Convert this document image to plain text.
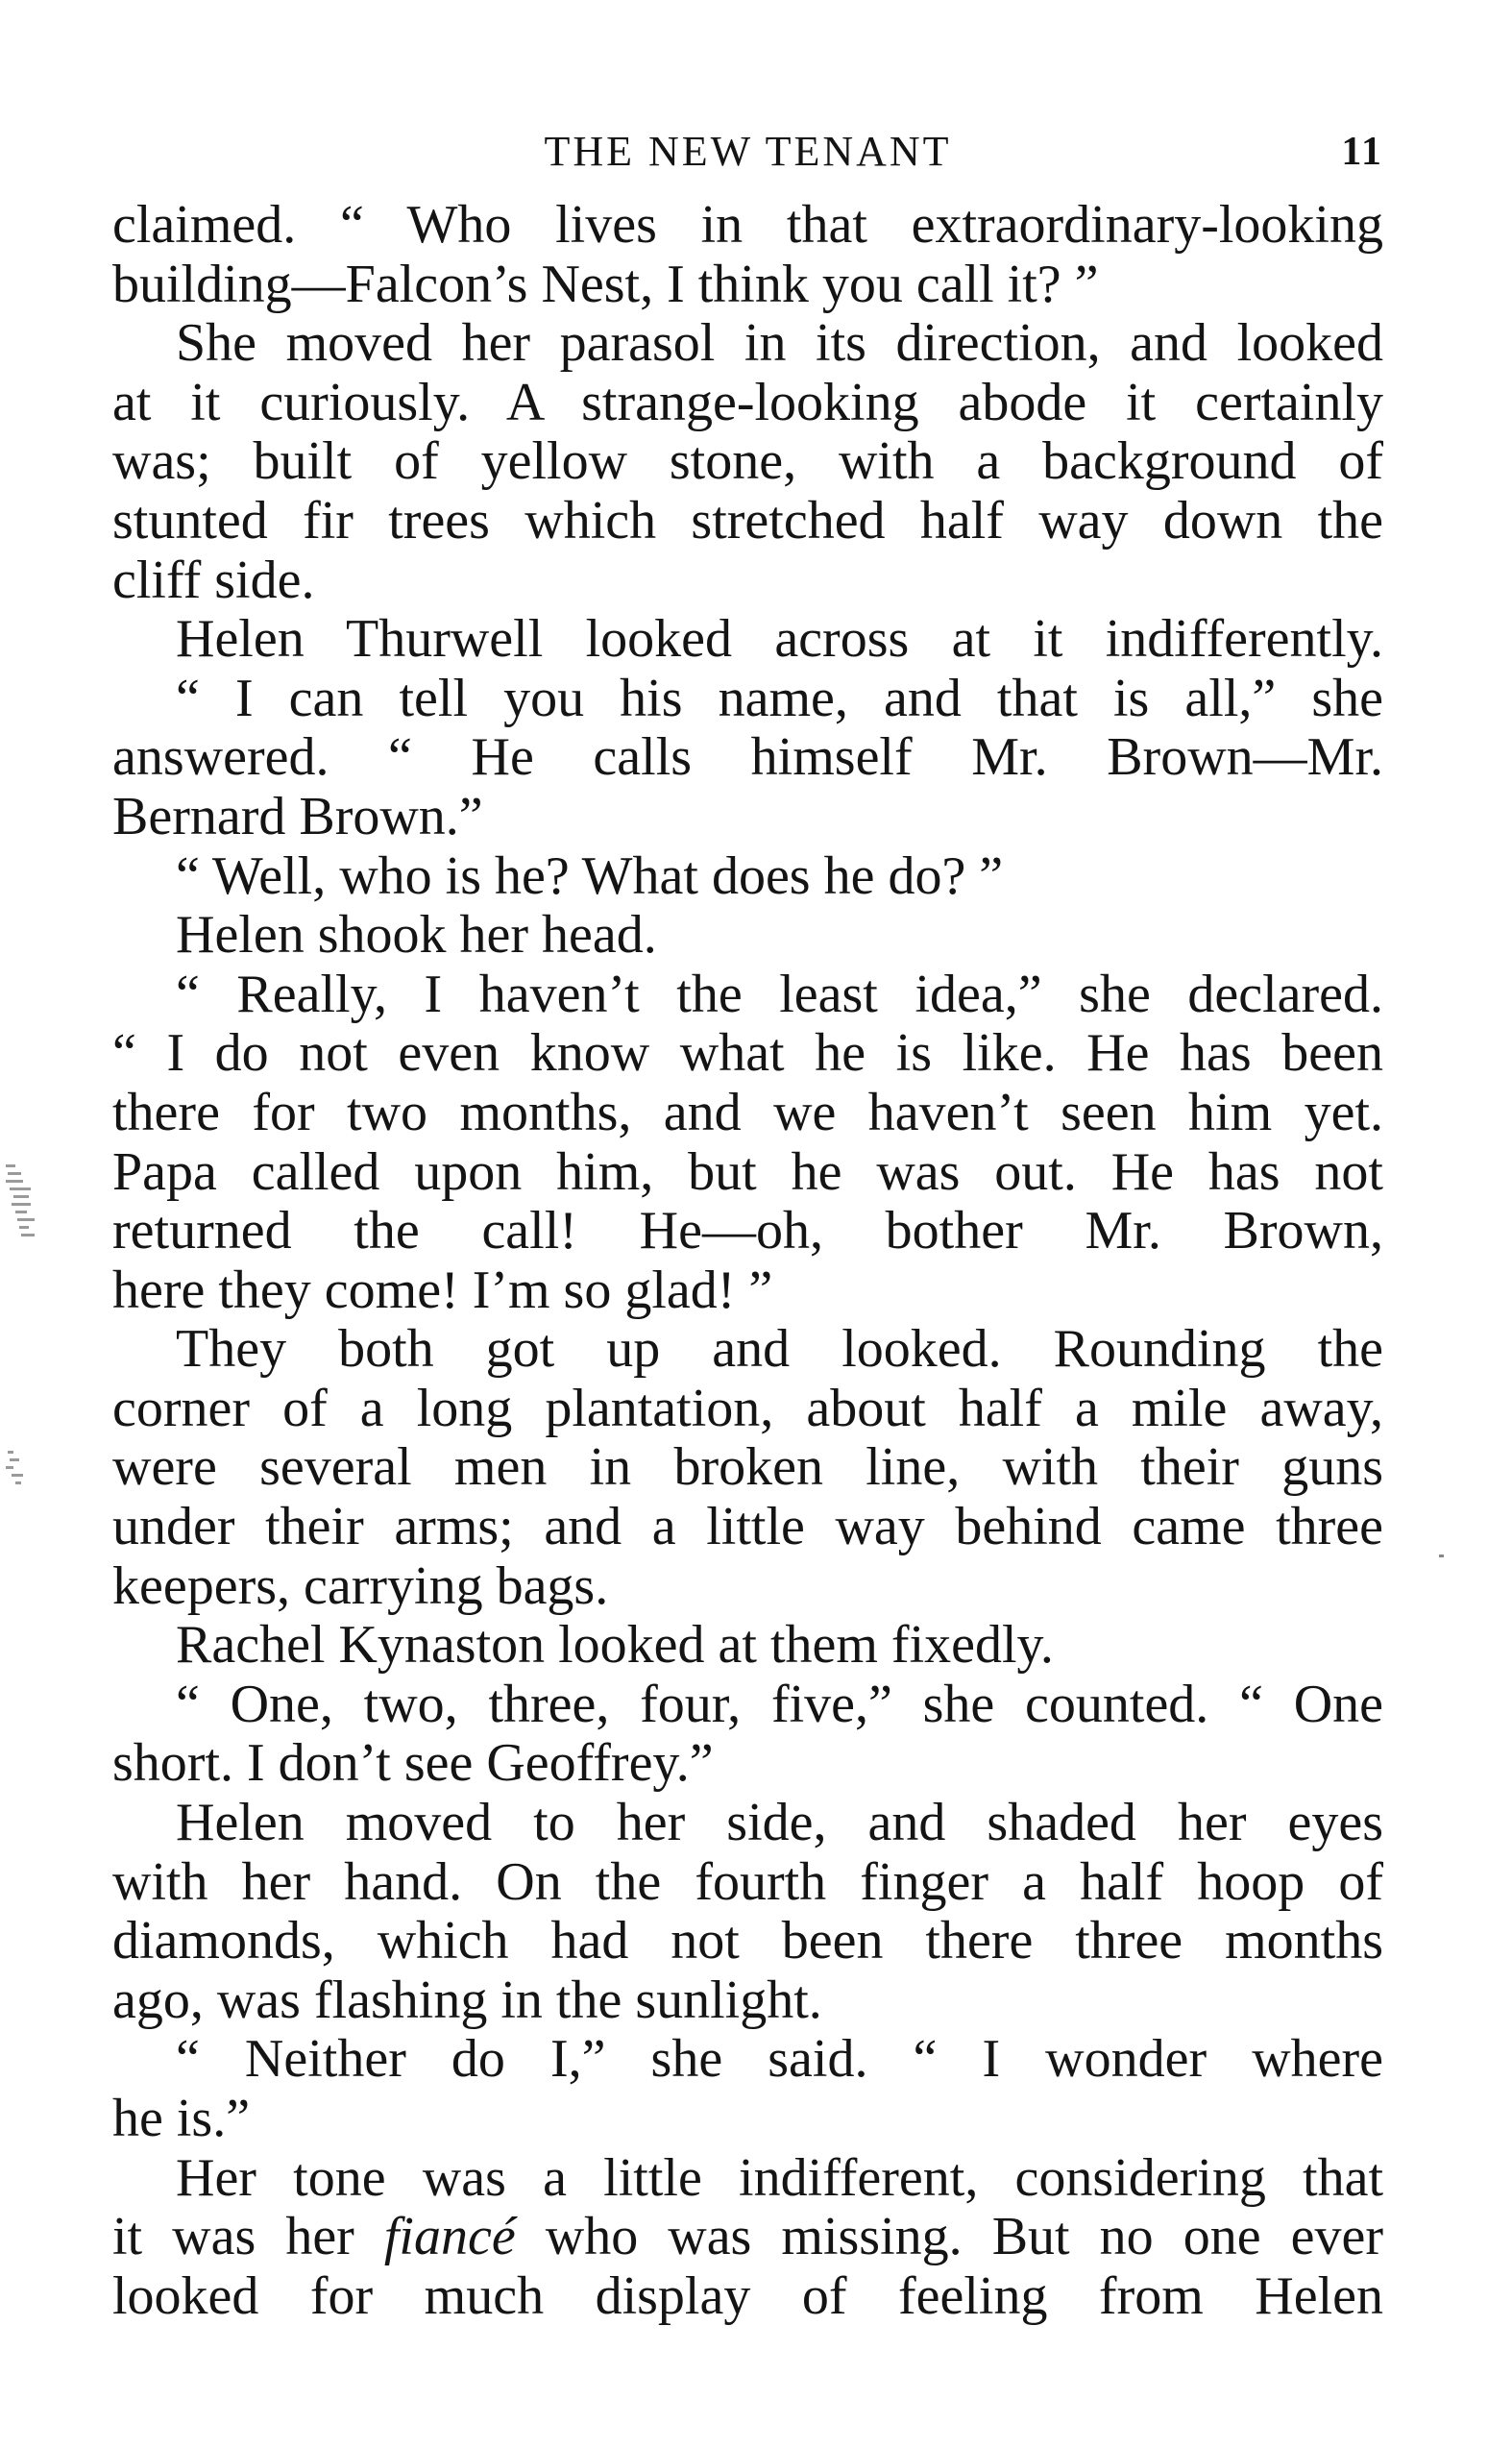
THE NEW TENANT	11
claimed. “ Who lives in that extraordinary-looking
building—Falcon’s Nest, I think you call it? ”
She moved her parasol in its direction, and looked
at it curiously. A strange-looking abode it certainly
was; built of yellow stone, with a background of
stunted fir trees which stretched half way down the
cliff side.
Helen Thurwell looked across at it indifferently.
“ I can tell you his name, and that is all,” she
answered. “ He calls himself Mr. Brown—Mr.
Bernard Brown.”
“ Well, who is he? What does he do? ”
Helen shook her head.
“ Really, I haven’t the least idea,” she declared.
“ I do not even know what he is like. He has been
there for two months, and we haven’t seen him yet.
Papa called upon him, but he was out. He has not
returned the call! He—oh, bother Mr. Brown,
here they come! I’m so glad! ”
They both got up and looked. Rounding the
corner of a long plantation, about half a mile away,
were several men in broken line, with their guns
under their arms; and a little way behind came three
keepers, carrying bags.
Rachel Kynaston looked at them fixedly.
“ One, two, three, four, five,” she counted. “ One
short. I don’t see Geoffrey.”
Helen moved to her side, and shaded her eyes
with her hand. On the fourth finger a half hoop of
diamonds, which had not been there three months
ago, was flashing in the sunlight.
“ Neither do I,” she said. “ I wonder where
he is.”
Her tone was a little indifferent, considering that
it was her fiancé who was missing. But no one ever
looked for much display of feeling from Helen
